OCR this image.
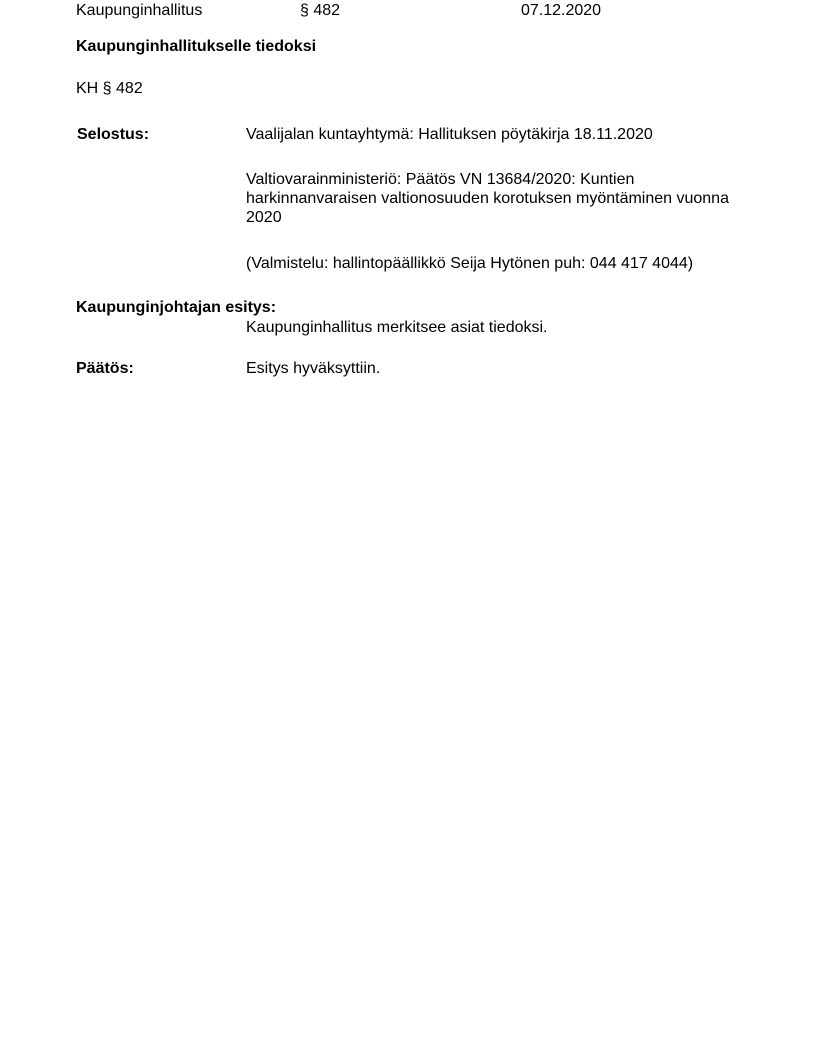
Kaupunginhallitus	§ 482	07.12.2020
Kaupunginhallitukselle tiedoksi
KH § 482
Selostus:	Vaalijalan kuntayhtymä: Hallituksen pöytäkirja 18.11.2020
Valtiovarainministeriö: Päätös VN 13684/2020: Kuntien harkinnanvaraisen valtionosuuden korotuksen myöntäminen vuonna 2020
(Valmistelu: hallintopäällikkö Seija Hytönen puh: 044 417 4044)
Kaupunginjohtajan esitys:
Kaupunginhallitus merkitsee asiat tiedoksi.
Päätös:	Esitys hyväksyttiin.
